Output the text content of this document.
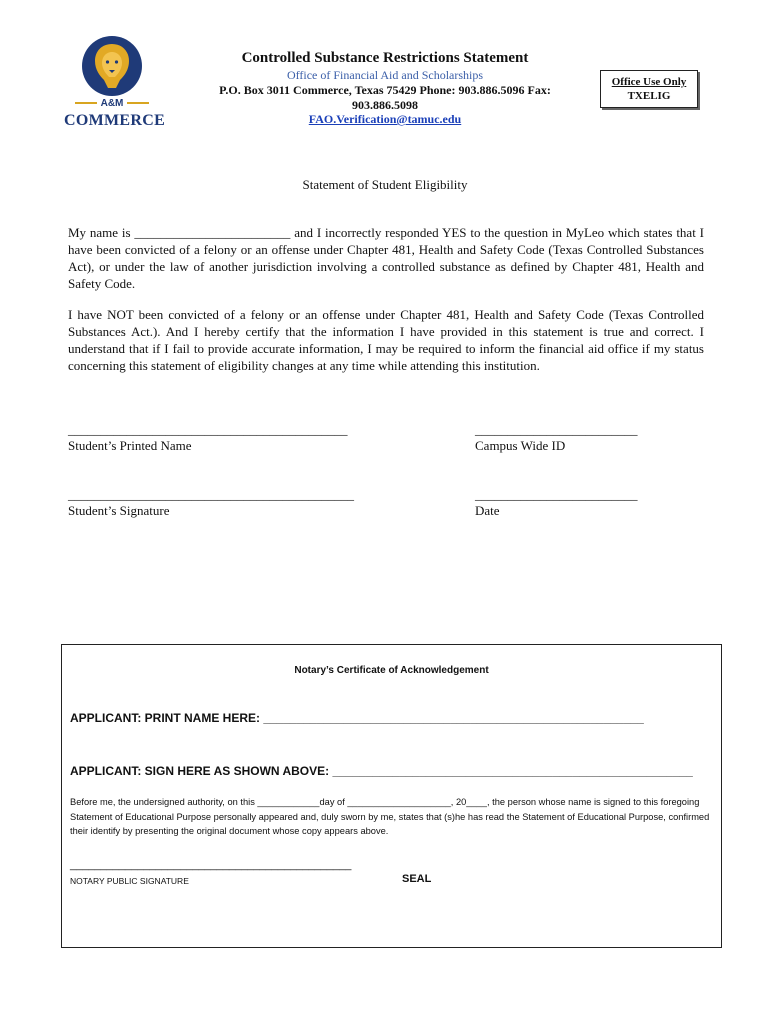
A&M
COMMERCE
Controlled Substance Restrictions Statement
Office of Financial Aid and Scholarships
P.O. Box 3011 Commerce, Texas 75429 Phone: 903.886.5096 Fax:
903.886.5098
FAO.Verification@tamuc.edu
Office Use Only
TXELIG
Statement of Student Eligibility
My name is ________________________ and I incorrectly responded YES to the question in MyLeo which states that I have been convicted of a felony or an offense under Chapter 481, Health and Safety Code (Texas Controlled Substances Act), or under the law of another jurisdiction involving a controlled substance as defined by Chapter 481, Health and Safety Code.
I have NOT been convicted of a felony or an offense under Chapter 481, Health and Safety Code (Texas Controlled Substances Act.). And I hereby certify that the information I have provided in this statement is true and correct. I understand that if I fail to provide accurate information, I may be required to inform the financial aid office if my status concerning this statement of eligibility changes at any time while attending this institution.
___________________________________________
Student’s Printed Name
_________________________
Campus Wide ID
____________________________________________
Student’s Signature
_________________________
Date
Notary’s Certificate of Acknowledgement
APPLICANT: PRINT NAME HERE: _________________________________________________________
APPLICANT: SIGN HERE AS SHOWN ABOVE: ______________________________________________________
Before me, the undersigned authority, on this ____________day of ____________________, 20____, the person whose name is signed to this foregoing Statement of Educational Purpose personally appeared and, duly sworn by me, states that (s)he has read the Statement of Educational Purpose, confirmed their identify by presenting the original document whose copy appears above.
______________________________________________
NOTARY PUBLIC SIGNATURE	SEAL
